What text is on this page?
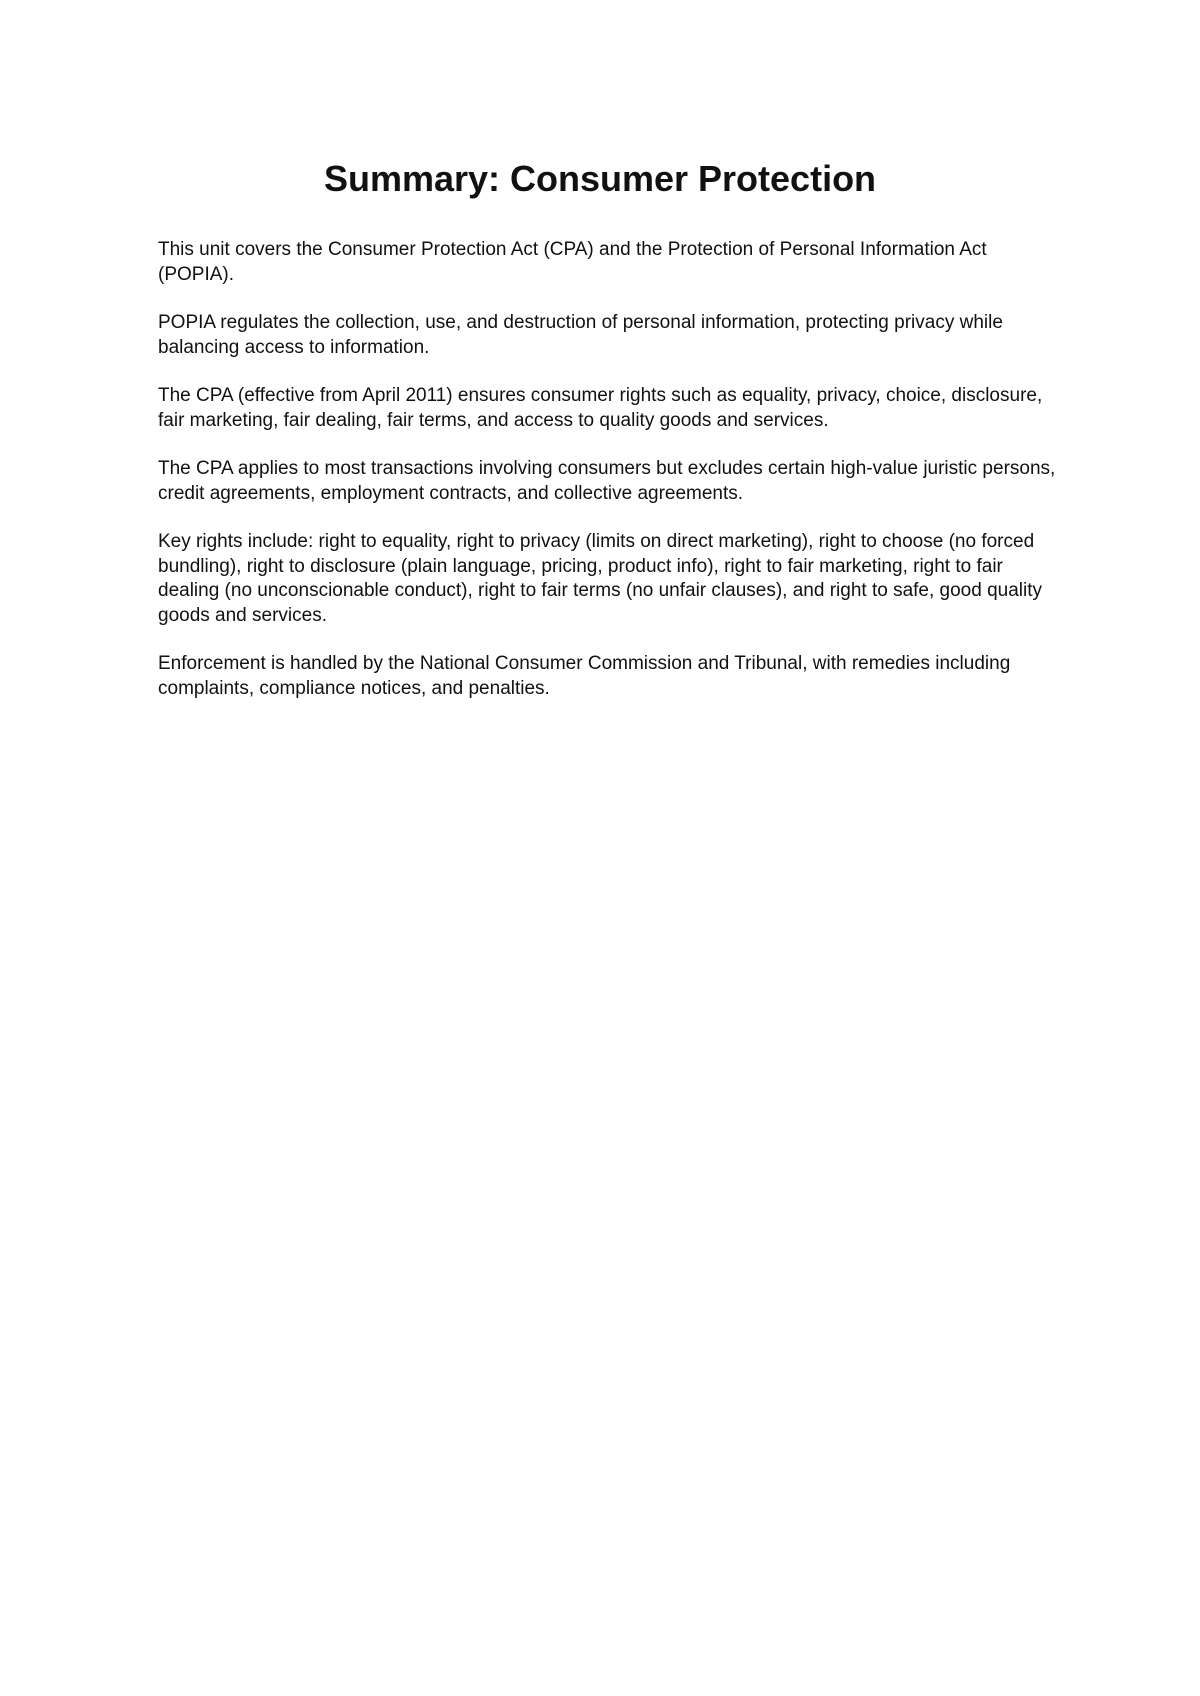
Summary: Consumer Protection

This unit covers the Consumer Protection Act (CPA) and the Protection of Personal Information Act (POPIA).

POPIA regulates the collection, use, and destruction of personal information, protecting privacy while balancing access to information.

The CPA (effective from April 2011) ensures consumer rights such as equality, privacy, choice, disclosure, fair marketing, fair dealing, fair terms, and access to quality goods and services.

The CPA applies to most transactions involving consumers but excludes certain high-value juristic persons, credit agreements, employment contracts, and collective agreements.

Key rights include: right to equality, right to privacy (limits on direct marketing), right to choose (no forced bundling), right to disclosure (plain language, pricing, product info), right to fair marketing, right to fair dealing (no unconscionable conduct), right to fair terms (no unfair clauses), and right to safe, good quality goods and services.

Enforcement is handled by the National Consumer Commission and Tribunal, with remedies including complaints, compliance notices, and penalties.
